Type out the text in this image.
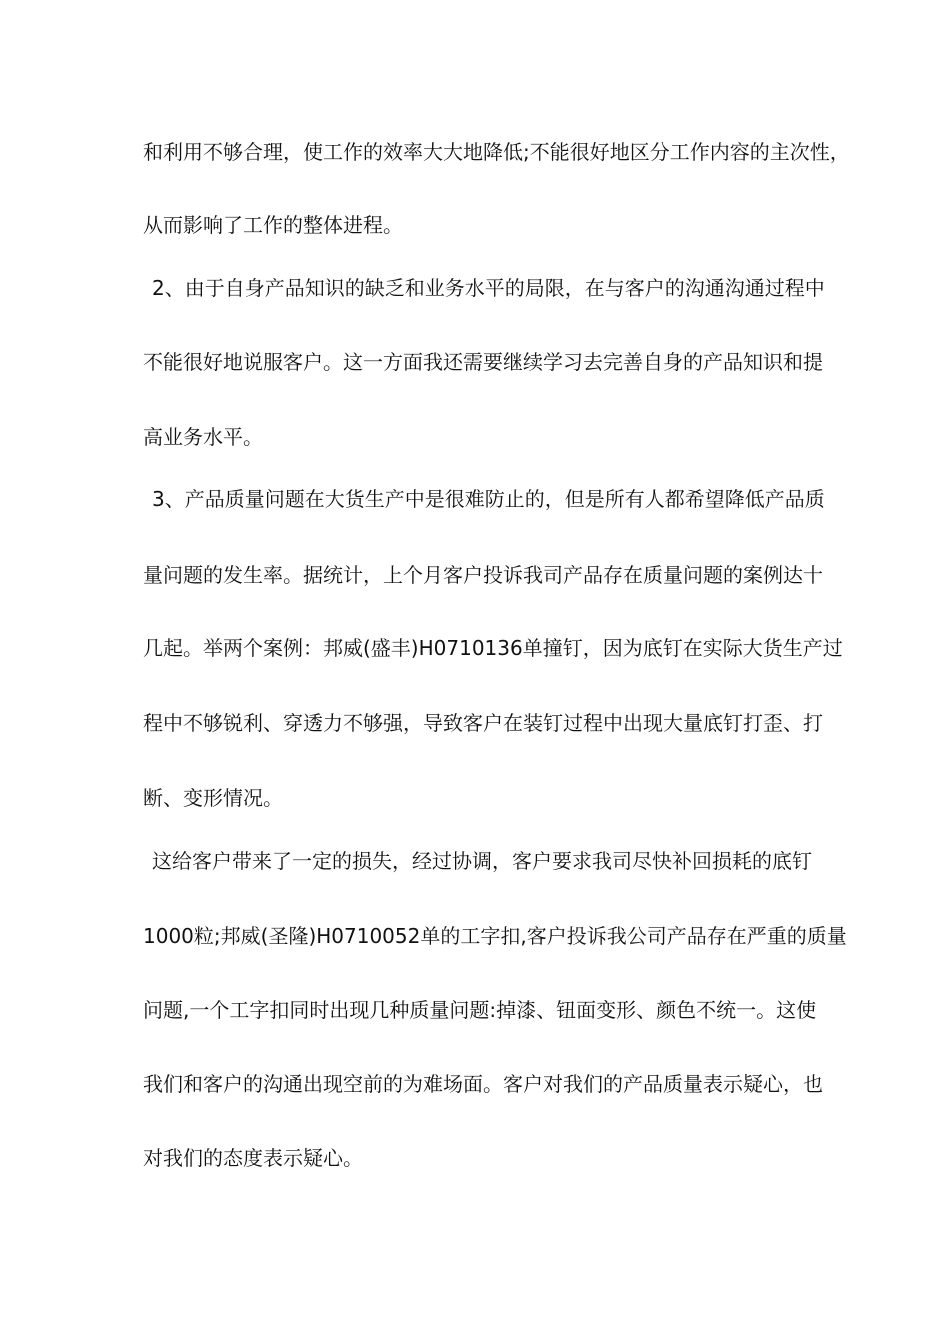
和利用不够合理，使工作的效率大大地降低;不能很好地区分工作内容的主次性，
从而影响了工作的整体进程。
2、由于自身产品知识的缺乏和业务水平的局限，在与客户的沟通沟通过程中
不能很好地说服客户。这一方面我还需要继续学习去完善自身的产品知识和提
高业务水平。
3、产品质量问题在大货生产中是很难防止的，但是所有人都希望降低产品质
量问题的发生率。据统计，上个月客户投诉我司产品存在质量问题的案例达十
几起。举两个案例：邦威(盛丰)H0710136单撞钉，因为底钉在实际大货生产过
程中不够锐利、穿透力不够强，导致客户在装钉过程中出现大量底钉打歪、打
断、变形情况。
这给客户带来了一定的损失，经过协调，客户要求我司尽快补回损耗的底钉
1000粒;邦威(圣隆)H0710052单的工字扣,客户投诉我公司产品存在严重的质量
问题,一个工字扣同时出现几种质量问题:掉漆、钮面变形、颜色不统一。这使
我们和客户的沟通出现空前的为难场面。客户对我们的产品质量表示疑心，也
对我们的态度表示疑心。
